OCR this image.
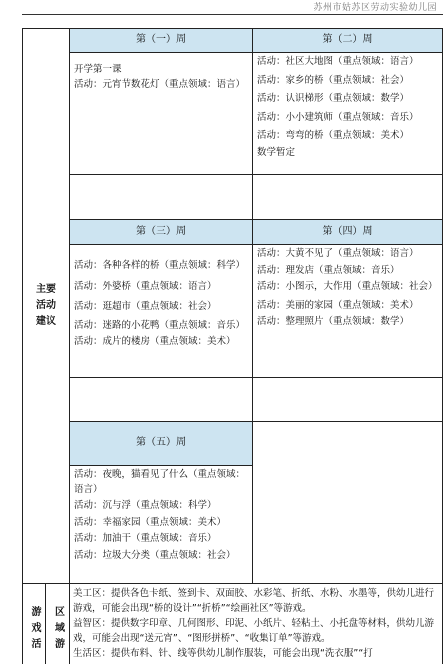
苏州市姑苏区劳动实验幼儿园
主要
活动
建议
第（一）周
开学第一课
活动：元宵节数花灯（重点领域：语言）
第（二）周
活动：社区大地图（重点领域：语言）
活动：家乡的桥（重点领域：社会）
活动：认识梯形（重点领域：数学）
活动：小小建筑师（重点领域：音乐）
活动：弯弯的桥（重点领域：美术）
数学暂定
第（三）周
活动：各种各样的桥（重点领域：科学）
活动：外婆桥（重点领域：语言）
活动：逛超市（重点领域：社会）
活动：迷路的小花鸭（重点领域：音乐）
活动：成片的楼房（重点领域：美术）
第（四）周
活动：大黄不见了（重点领域：语言）
活动：理发店（重点领域：音乐）
活动：小图示，大作用（重点领域：社会）
活动：美丽的家园（重点领域：美术）
活动：整理照片（重点领域：数学）
第（五）周
活动：夜晚，猫看见了什么（重点领域：语言）
活动：沉与浮（重点领域：科学）
活动：幸福家园（重点领域：美术）
活动：加油干（重点领域：音乐）
活动：垃圾大分类（重点领域：社会）
游戏活 区域游
美工区：提供各色卡纸、签到卡、双面胶、水彩笔、折纸、水粉、水墨等，供幼儿进行游戏，可能会出现“桥的设计”“折桥”“绘画社区”等游戏。
益智区：提供数字印章、几何图形、印泥、小纸片、轻粘土、小托盘等材料，供幼儿游戏，可能会出现“送元宵”、“图形拼桥”、“收集订单”等游戏。
生活区：提供布料、针、线等供幼儿制作服装，可能会出现“洗衣服”“打
